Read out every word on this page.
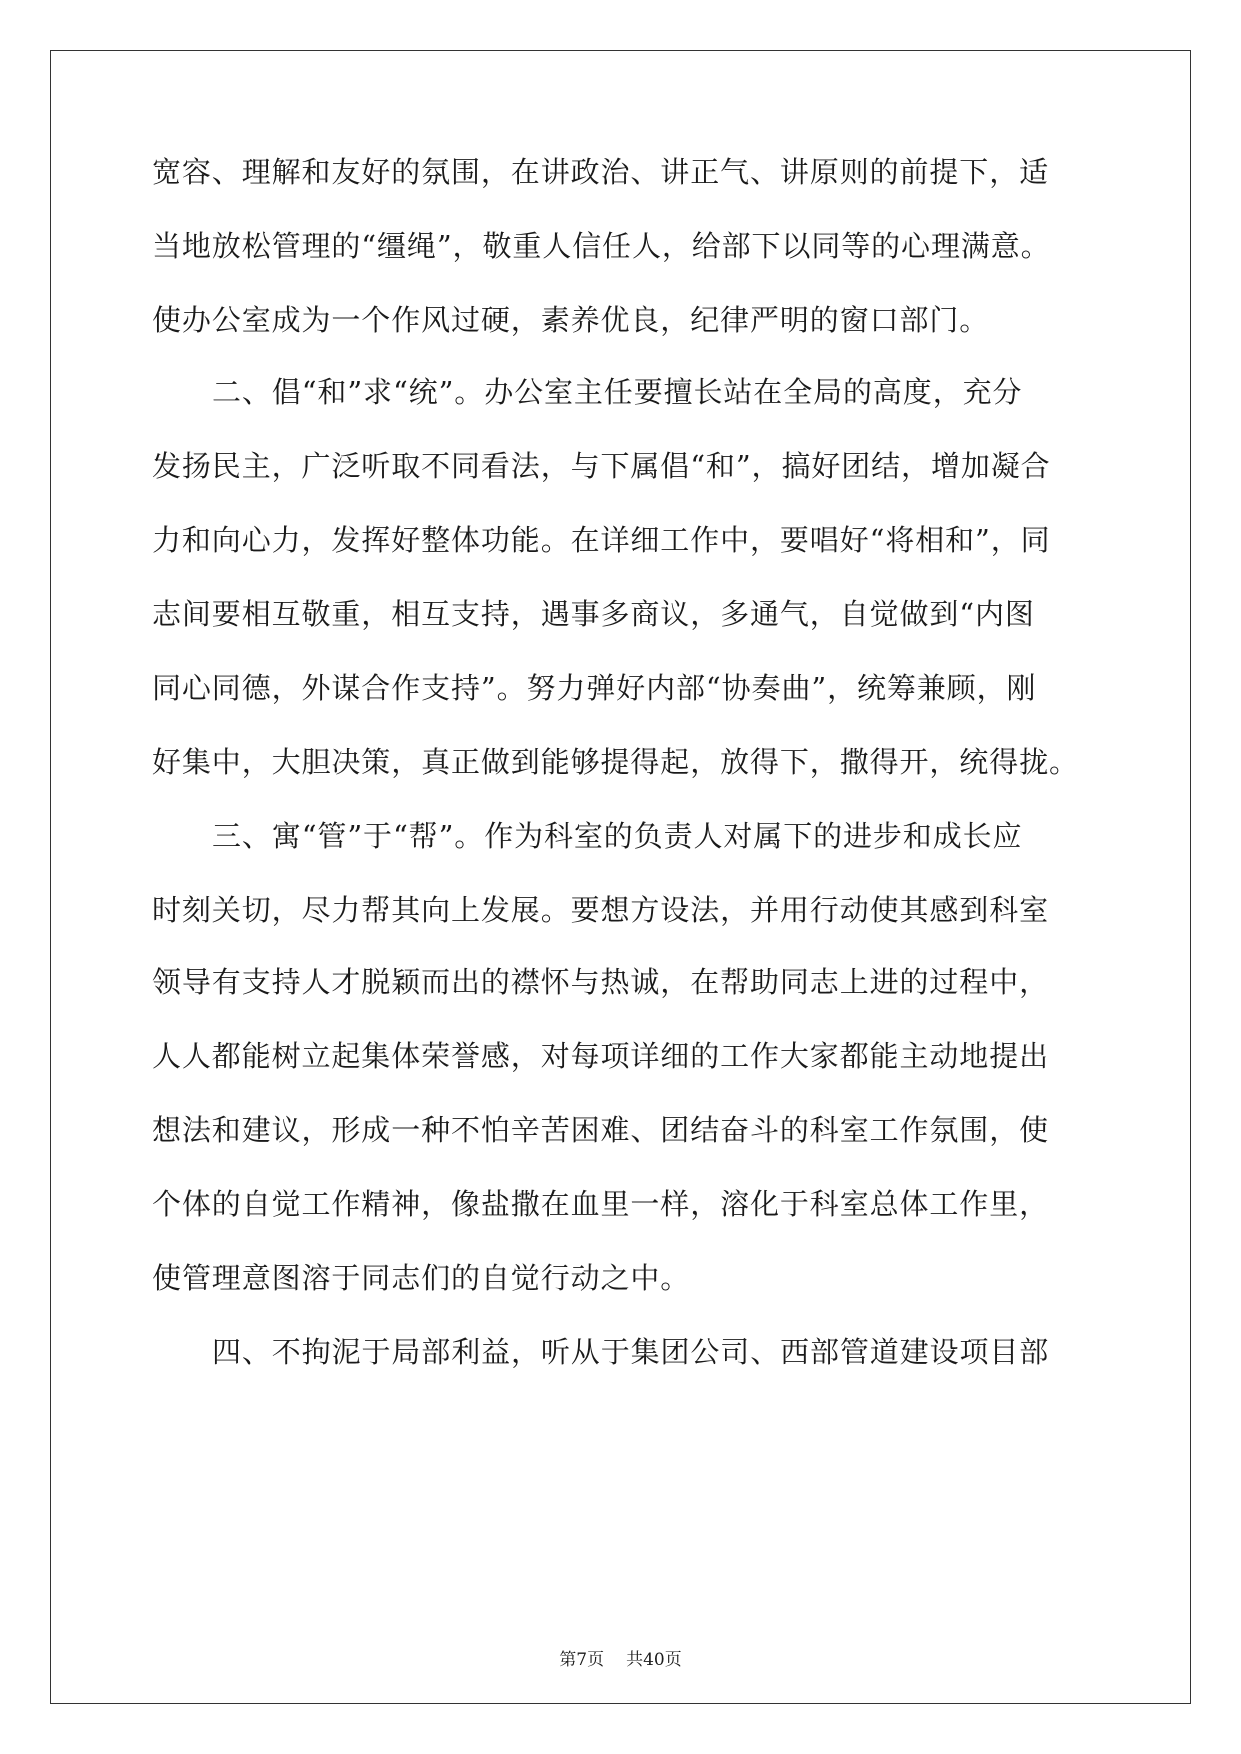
宽容、理解和友好的氛围，在讲政治、讲正气、讲原则的前提下，适
当地放松管理的“缰绳”，敬重人信任人，给部下以同等的心理满意。
使办公室成为一个作风过硬，素养优良，纪律严明的窗口部门。
二、倡“和”求“统”。办公室主任要擅长站在全局的高度，充分
发扬民主，广泛听取不同看法，与下属倡“和”，搞好团结，增加凝合
力和向心力，发挥好整体功能。在详细工作中，要唱好“将相和”，同
志间要相互敬重，相互支持，遇事多商议，多通气，自觉做到“内图
同心同德，外谋合作支持”。努力弹好内部“协奏曲”，统筹兼顾，刚
好集中，大胆决策，真正做到能够提得起，放得下，撒得开，统得拢。
三、寓“管”于“帮”。作为科室的负责人对属下的进步和成长应
时刻关切，尽力帮其向上发展。要想方设法，并用行动使其感到科室
领导有支持人才脱颖而出的襟怀与热诚，在帮助同志上进的过程中，
人人都能树立起集体荣誉感，对每项详细的工作大家都能主动地提出
想法和建议，形成一种不怕辛苦困难、团结奋斗的科室工作氛围，使
个体的自觉工作精神，像盐撒在血里一样，溶化于科室总体工作里，
使管理意图溶于同志们的自觉行动之中。
四、不拘泥于局部利益，听从于集团公司、西部管道建设项目部
第7页 共40页
